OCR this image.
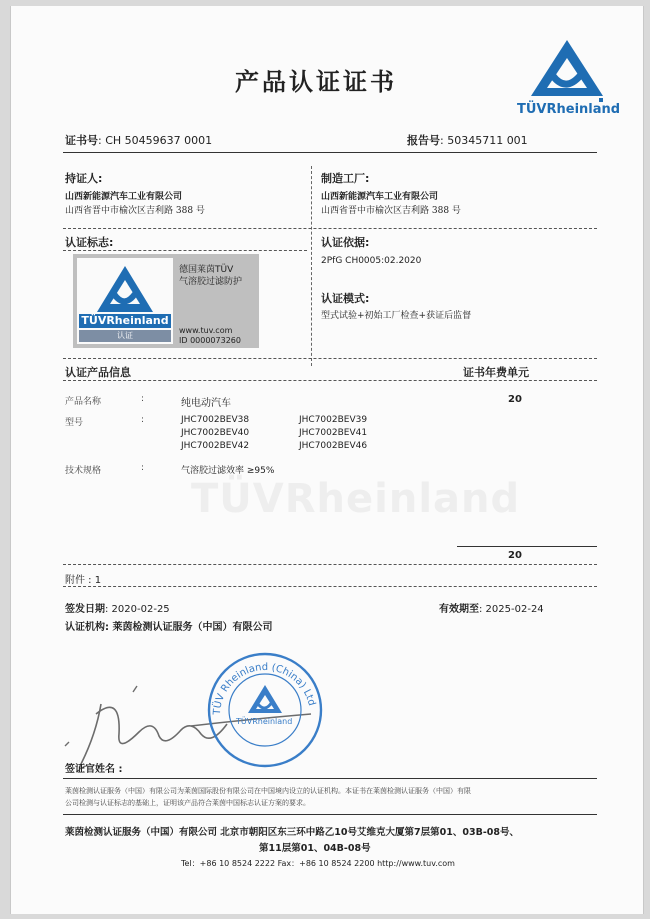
TÜVRheinland
产品认证证书
TÜVRheinland
证书号: CH 50459637 0001	报告号: 50345711 001
持证人:
山西新能源汽车工业有限公司
山西省晋中市榆次区吉利路 388 号
制造工厂:
山西新能源汽车工业有限公司
山西省晋中市榆次区吉利路 388 号
认证标志:
TÜVRheinland
认证
德国莱茵TÜV
气溶胶过滤防护
www.tuv.com
ID 0000073260
认证依据:
2PfG CH0005:02.2020
认证模式:
型式试验+初始工厂检查+获证后监督
认证产品信息	证书年费单元
产品名称	:	纯电动汽车	20
型号	:	JHC7002BEV38	JHC7002BEV39
JHC7002BEV40	JHC7002BEV41
JHC7002BEV42	JHC7002BEV46
技术规格	:	气溶胶过滤效率 ≥95%
20
附件 : 1
签发日期: 2020-02-25	有效期至: 2025-02-24
认证机构: 莱茵检测认证服务（中国）有限公司
TÜV Rheinland (China) Ltd
TÜVRheinland
签证官姓名 :
莱茵检测认证服务（中国）有限公司为莱茵国际股份有限公司在中国境内设立的认证机构。本证书在莱茵检测认证服务（中国）有限
公司检测与认证标志的基础上，证明该产品符合莱茵中国标志认证方案的要求。
莱茵检测认证服务（中国）有限公司 北京市朝阳区东三环中路乙10号艾维克大厦第7层第01、03B-08号、
第11层第01、04B-08号
Tel：+86 10 8524 2222 Fax：+86 10 8524 2200 http://www.tuv.com
